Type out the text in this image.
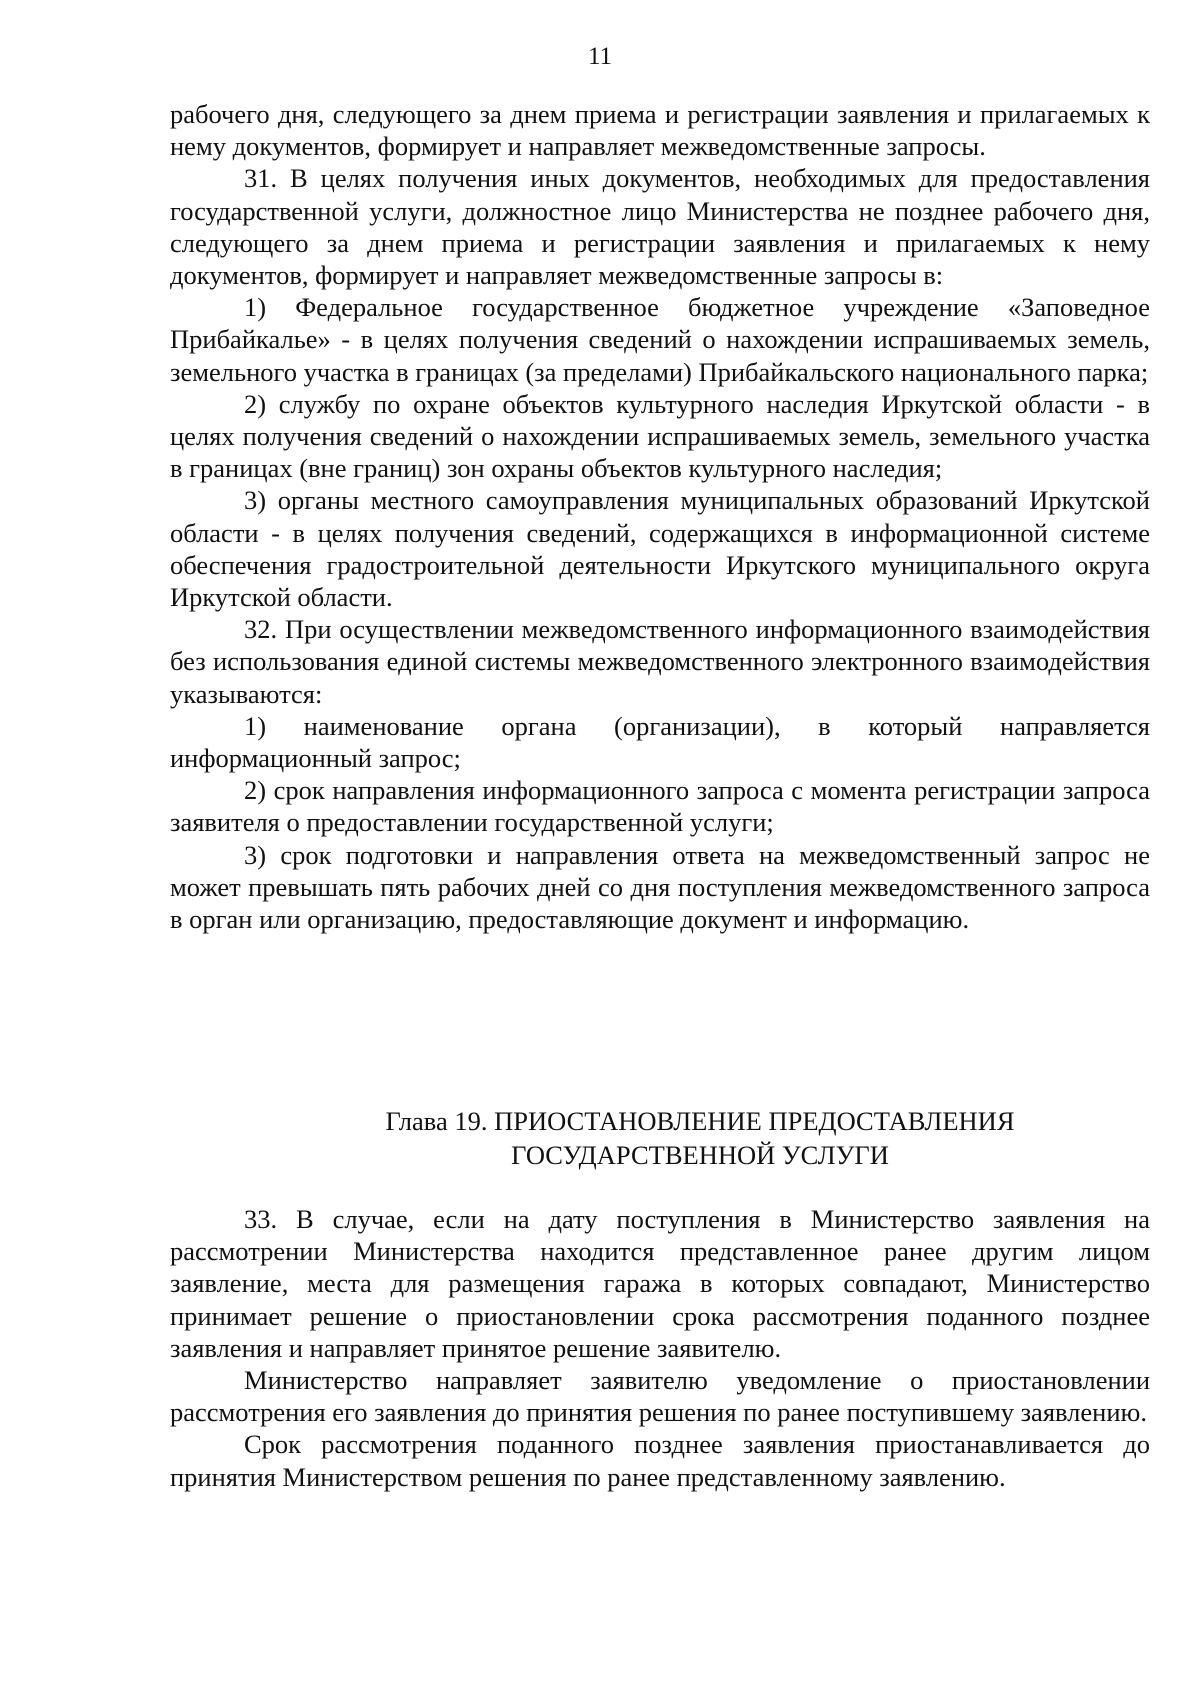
11

рабочего дня, следующего за днем приема и регистрации заявления и прилагаемых к нему документов, формирует и направляет межведомственные запросы.

31. В целях получения иных документов, необходимых для предоставления государственной услуги, должностное лицо Министерства не позднее рабочего дня, следующего за днем приема и регистрации заявления и прилагаемых к нему документов, формирует и направляет межведомственные запросы в:

1) Федеральное государственное бюджетное учреждение «Заповедное Прибайкалье» - в целях получения сведений о нахождении испрашиваемых земель, земельного участка в границах (за пределами) Прибайкальского национального парка;

2) службу по охране объектов культурного наследия Иркутской области - в целях получения сведений о нахождении испрашиваемых земель, земельного участка в границах (вне границ) зон охраны объектов культурного наследия;

3) органы местного самоуправления муниципальных образований Иркутской области - в целях получения сведений, содержащихся в информационной системе обеспечения градостроительной деятельности Иркутского муниципального округа Иркутской области.

32. При осуществлении межведомственного информационного взаимодействия без использования единой системы межведомственного электронного взаимодействия указываются:

1) наименование органа (организации), в который направляется информационный запрос;

2) срок направления информационного запроса с момента регистрации запроса заявителя о предоставлении государственной услуги;

3) срок подготовки и направления ответа на межведомственный запрос не может превышать пять рабочих дней со дня поступления межведомственного запроса в орган или организацию, предоставляющие документ и информацию.

Глава 19. ПРИОСТАНОВЛЕНИЕ ПРЕДОСТАВЛЕНИЯ
ГОСУДАРСТВЕННОЙ УСЛУГИ

33. В случае, если на дату поступления в Министерство заявления на рассмотрении Министерства находится представленное ранее другим лицом заявление, места для размещения гаража в которых совпадают, Министерство принимает решение о приостановлении срока рассмотрения поданного позднее заявления и направляет принятое решение заявителю.

Министерство направляет заявителю уведомление о приостановлении рассмотрения его заявления до принятия решения по ранее поступившему заявлению.

Срок рассмотрения поданного позднее заявления приостанавливается до принятия Министерством решения по ранее представленному заявлению.
